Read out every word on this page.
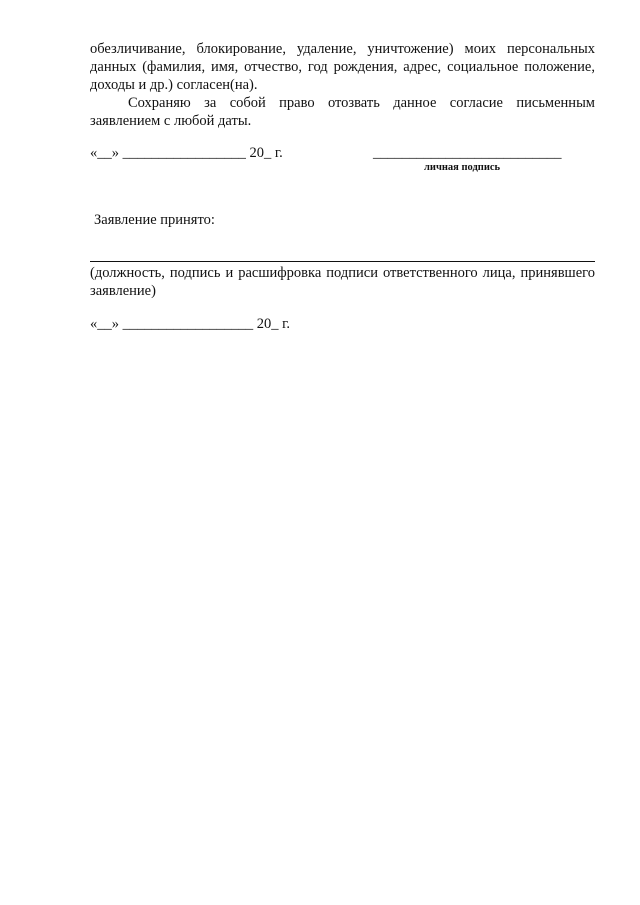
обезличивание, блокирование, удаление, уничтожение) моих персональных данных (фамилия, имя, отчество, год рождения, адрес, социальное положение, доходы и др.) согласен(на).

Сохраняю за собой право отозвать данное согласие письменным заявлением с любой даты.

«__» _________________ 20_ г.	__________________________
личная подпись
Заявление принято:

(должность, подпись и расшифровка подписи ответственного лица, принявшего заявление)

«__» __________________ 20_ г.
